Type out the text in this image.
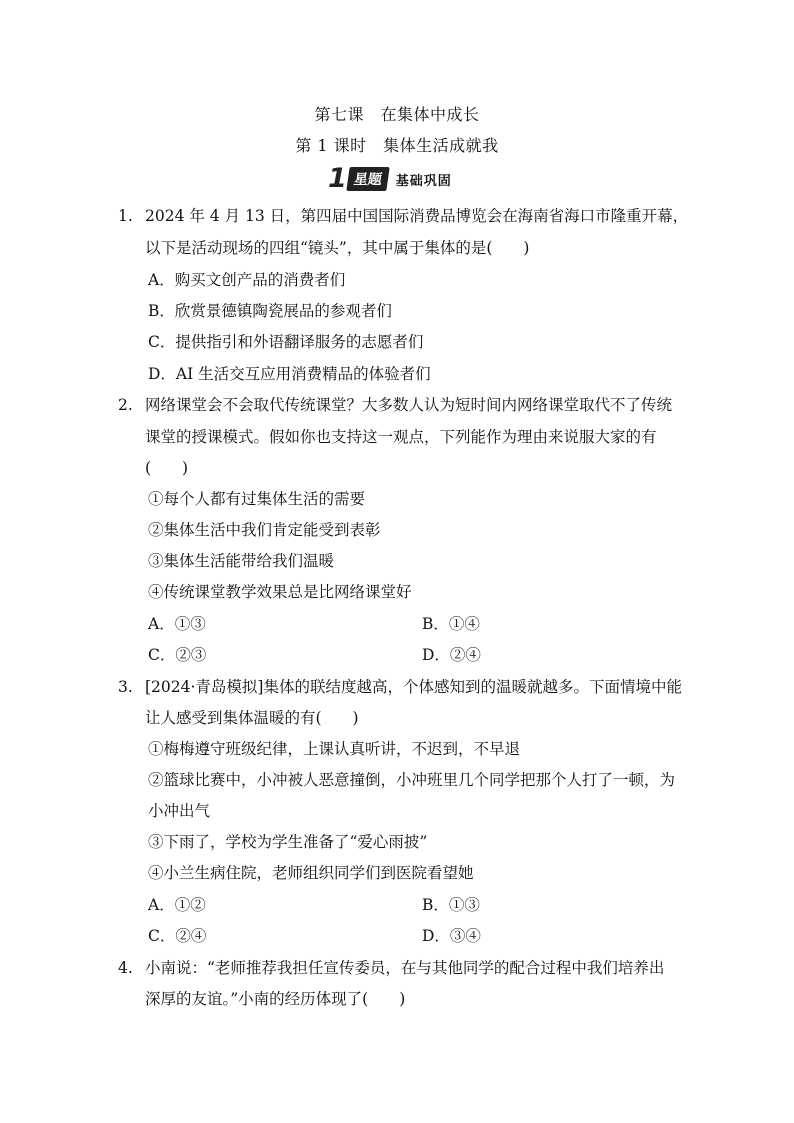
第七课　在集体中成长
第 1 课时　集体生活成就我
1 星题	基础巩固
1. 2024 年 4 月 13 日，第四届中国国际消费品博览会在海南省海口市隆重开幕，
以下是活动现场的四组“镜头”，其中属于集体的是(　　)
A．购买文创产品的消费者们
B．欣赏景德镇陶瓷展品的参观者们
C．提供指引和外语翻译服务的志愿者们
D．AI 生活交互应用消费精品的体验者们
2. 网络课堂会不会取代传统课堂？大多数人认为短时间内网络课堂取代不了传统
课堂的授课模式。假如你也支持这一观点，下列能作为理由来说服大家的有
(　　)
①每个人都有过集体生活的需要
②集体生活中我们肯定能受到表彰
③集体生活能带给我们温暖
④传统课堂教学效果总是比网络课堂好
A．①③	B．①④
C．②③	D．②④
3. [2024·青岛模拟]集体的联结度越高，个体感知到的温暖就越多。下面情境中能
让人感受到集体温暖的有(　　)
①梅梅遵守班级纪律，上课认真听讲，不迟到，不早退
②篮球比赛中，小冲被人恶意撞倒，小冲班里几个同学把那个人打了一顿，为
小冲出气
③下雨了，学校为学生准备了“爱心雨披”
④小兰生病住院，老师组织同学们到医院看望她
A．①②	B．①③
C．②④	D．③④
4. 小南说：“老师推荐我担任宣传委员，在与其他同学的配合过程中我们培养出
深厚的友谊。”小南的经历体现了(　　)
